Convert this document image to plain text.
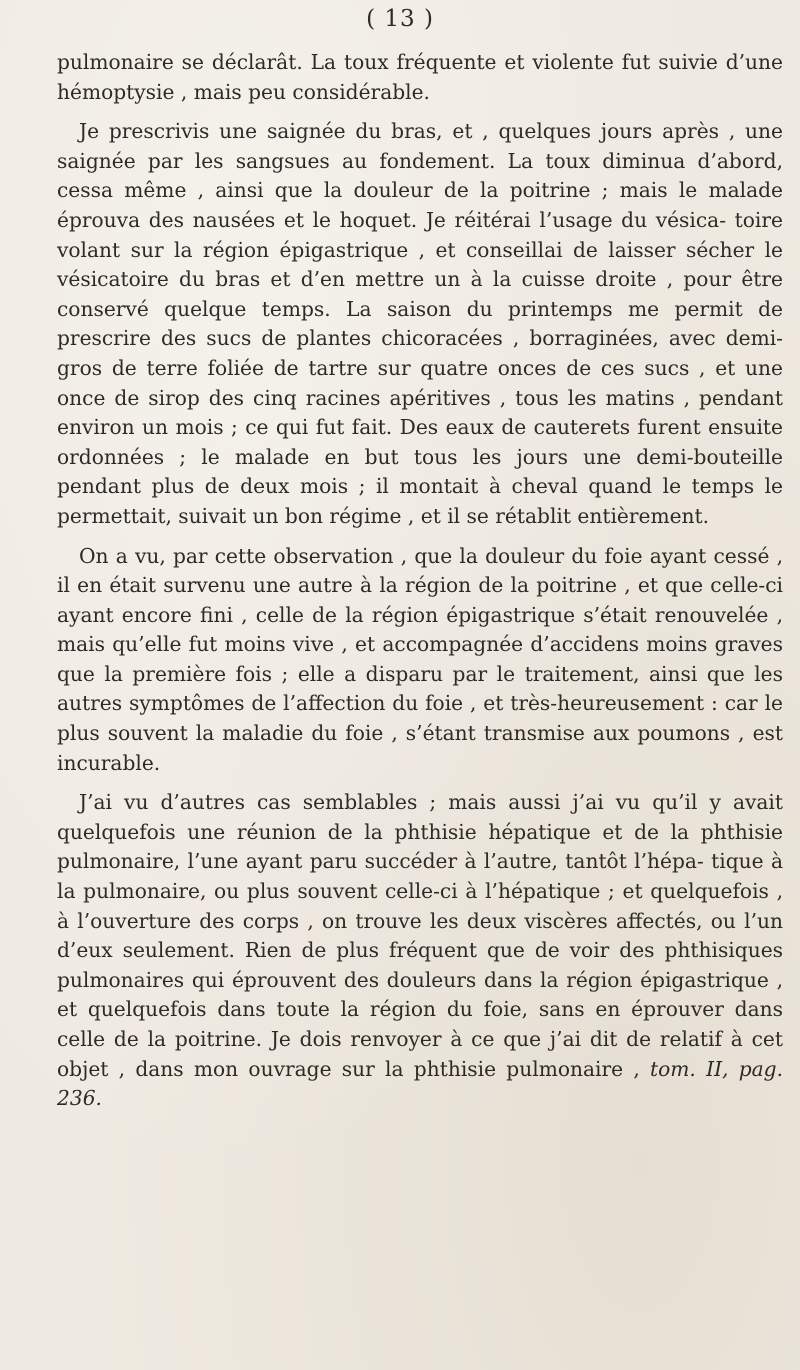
( 13 )

pulmonaire se déclarât. La toux fréquente et violente fut suivie d’une hémoptysie , mais peu considérable.

Je prescrivis une saignée du bras, et , quelques jours après , une saignée par les sangsues au fondement. La toux diminua d’abord, cessa même , ainsi que la douleur de la poitrine ; mais le malade éprouva des nausées et le hoquet. Je réitérai l’usage du vésica- toire volant sur la région épigastrique , et conseillai de laisser sécher le vésicatoire du bras et d’en mettre un à la cuisse droite , pour être conservé quelque temps. La saison du printemps me permit de prescrire des sucs de plantes chicoracées , borraginées, avec demi-gros de terre foliée de tartre sur quatre onces de ces sucs , et une once de sirop des cinq racines apéritives , tous les matins , pendant environ un mois ; ce qui fut fait. Des eaux de cauterets furent ensuite ordonnées ; le malade en but tous les jours une demi-bouteille pendant plus de deux mois ; il montait à cheval quand le temps le permettait, suivait un bon régime , et il se rétablit entièrement.

On a vu, par cette observation , que la douleur du foie ayant cessé , il en était survenu une autre à la région de la poitrine , et que celle-ci ayant encore fini , celle de la région épigastrique s’était renouvelée , mais qu’elle fut moins vive , et accompagnée d’accidens moins graves que la première fois ; elle a disparu par le traitement, ainsi que les autres symptômes de l’affection du foie , et très-heureusement : car le plus souvent la maladie du foie , s’étant transmise aux poumons , est incurable.

J’ai vu d’autres cas semblables ; mais aussi j’ai vu qu’il y avait quelquefois une réunion de la phthisie hépatique et de la phthisie pulmonaire, l’une ayant paru succéder à l’autre, tantôt l’hépa- tique à la pulmonaire, ou plus souvent celle-ci à l’hépatique ; et quelquefois , à l’ouverture des corps , on trouve les deux viscères affectés, ou l’un d’eux seulement. Rien de plus fréquent que de voir des phthisiques pulmonaires qui éprouvent des douleurs dans la région épigastrique , et quelquefois dans toute la région du foie, sans en éprouver dans celle de la poitrine. Je dois renvoyer à ce que j’ai dit de relatif à cet objet , dans mon ouvrage sur la phthisie pulmonaire , tom. II, pag. 236.
